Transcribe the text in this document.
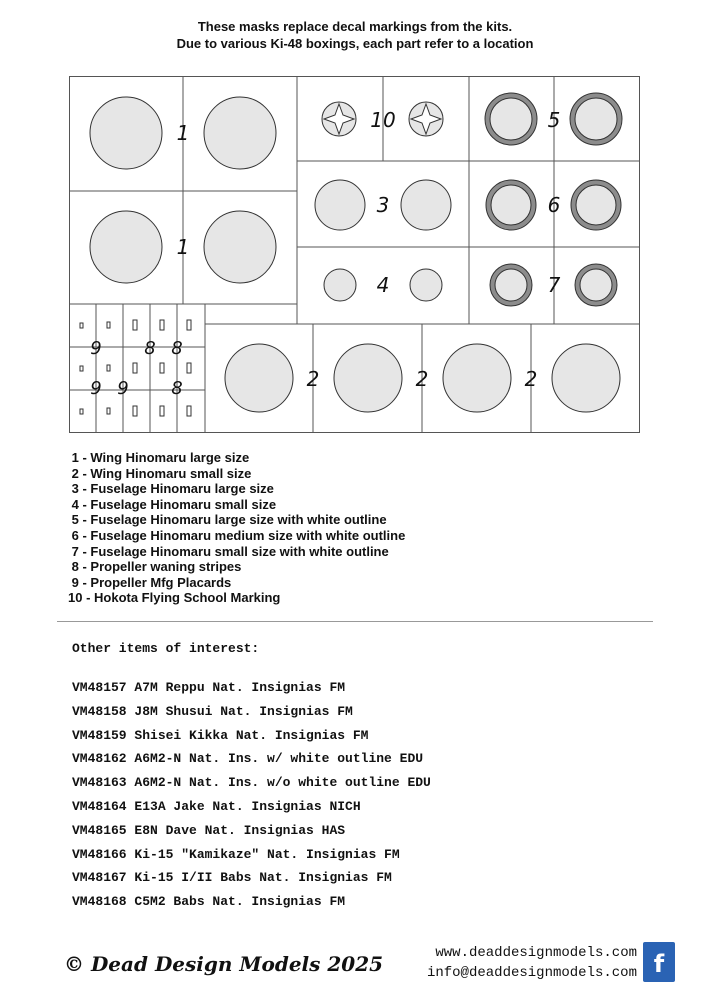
These masks replace decal markings from the kits.
Due to various Ki-48 boxings, each part refer to a location
1
1
10	5
3	6
4	7
2	2	2
9 8 8
9 9 8
1 - Wing Hinomaru large size
2 - Wing Hinomaru small size
3 - Fuselage Hinomaru large size
4 - Fuselage Hinomaru small size
5 - Fuselage Hinomaru large size with white outline
6 - Fuselage Hinomaru medium size with white outline
7 - Fuselage Hinomaru small size with white outline
8 - Propeller waning stripes
9 - Propeller Mfg Placards
10 - Hokota Flying School Marking
Other items of interest:
VM48157 A7M Reppu Nat. Insignias FM
VM48158 J8M Shusui Nat. Insignias FM
VM48159 Shisei Kikka Nat. Insignias FM
VM48162 A6M2-N Nat. Ins. w/ white outline EDU
VM48163 A6M2-N Nat. Ins. w/o white outline EDU
VM48164 E13A Jake Nat. Insignias NICH
VM48165 E8N Dave Nat. Insignias HAS
VM48166 Ki-15 "Kamikaze" Nat. Insignias FM
VM48167 Ki-15 I/II Babs Nat. Insignias FM
VM48168 C5M2 Babs Nat. Insignias FM
© Dead Design Models 2025	www.deaddesignmodels.com
info@deaddesignmodels.com f
